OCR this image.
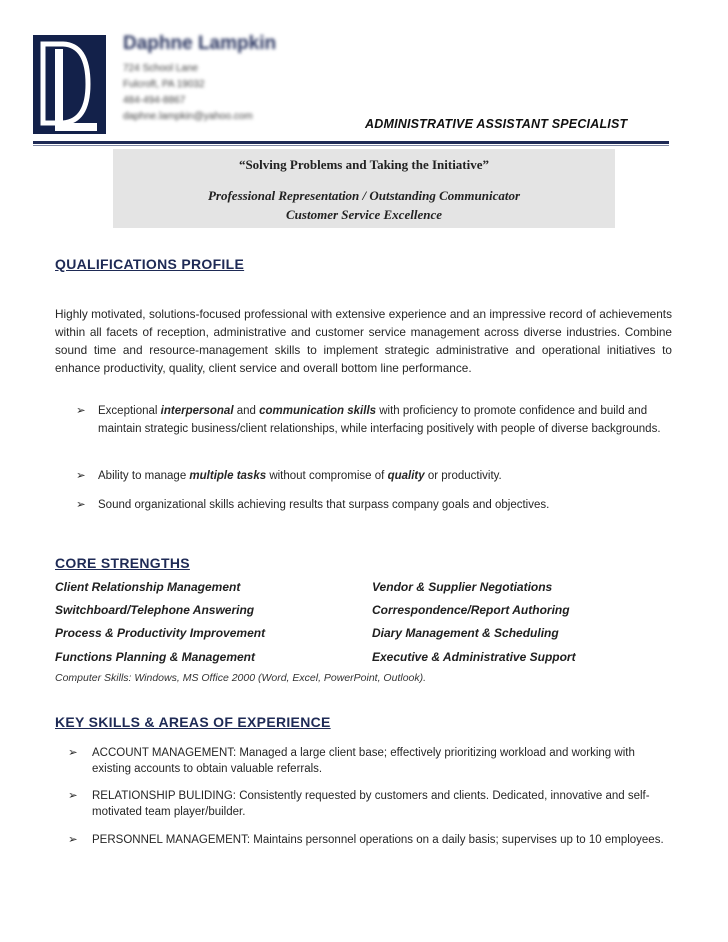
Daphne Lampkin
724 School Lane
Fulcroft, PA 19032
484-494-8867
daphne.lampkin@yahoo.com
ADMINISTRATIVE ASSISTANT SPECIALIST
“Solving Problems and Taking the Initiative”
Professional Representation / Outstanding Communicator
Customer Service Excellence
QUALIFICATIONS PROFILE
Highly motivated, solutions-focused professional with extensive experience and an impressive record of achievements within all facets of reception, administrative and customer service management across diverse industries. Combine sound time and resource-management skills to implement strategic administrative and operational initiatives to enhance productivity, quality, client service and overall bottom line performance.
➢ Exceptional interpersonal and communication skills with proficiency to promote confidence and build and maintain strategic business/client relationships, while interfacing positively with people of diverse backgrounds.
➢ Ability to manage multiple tasks without compromise of quality or productivity.
➢ Sound organizational skills achieving results that surpass company goals and objectives.
CORE STRENGTHS
Client Relationship Management
Switchboard/Telephone Answering
Process & Productivity Improvement
Functions Planning & Management
Vendor & Supplier Negotiations
Correspondence/Report Authoring
Diary Management & Scheduling
Executive & Administrative Support
Computer Skills: Windows, MS Office 2000 (Word, Excel, PowerPoint, Outlook).
KEY SKILLS & AREAS OF EXPERIENCE
➢ ACCOUNT MANAGEMENT: Managed a large client base; effectively prioritizing workload and working with existing accounts to obtain valuable referrals.
➢ RELATIONSHIP BULIDING: Consistently requested by customers and clients. Dedicated, innovative and self-motivated team player/builder.
➢ PERSONNEL MANAGEMENT: Maintains personnel operations on a daily basis; supervises up to 10 employees.
